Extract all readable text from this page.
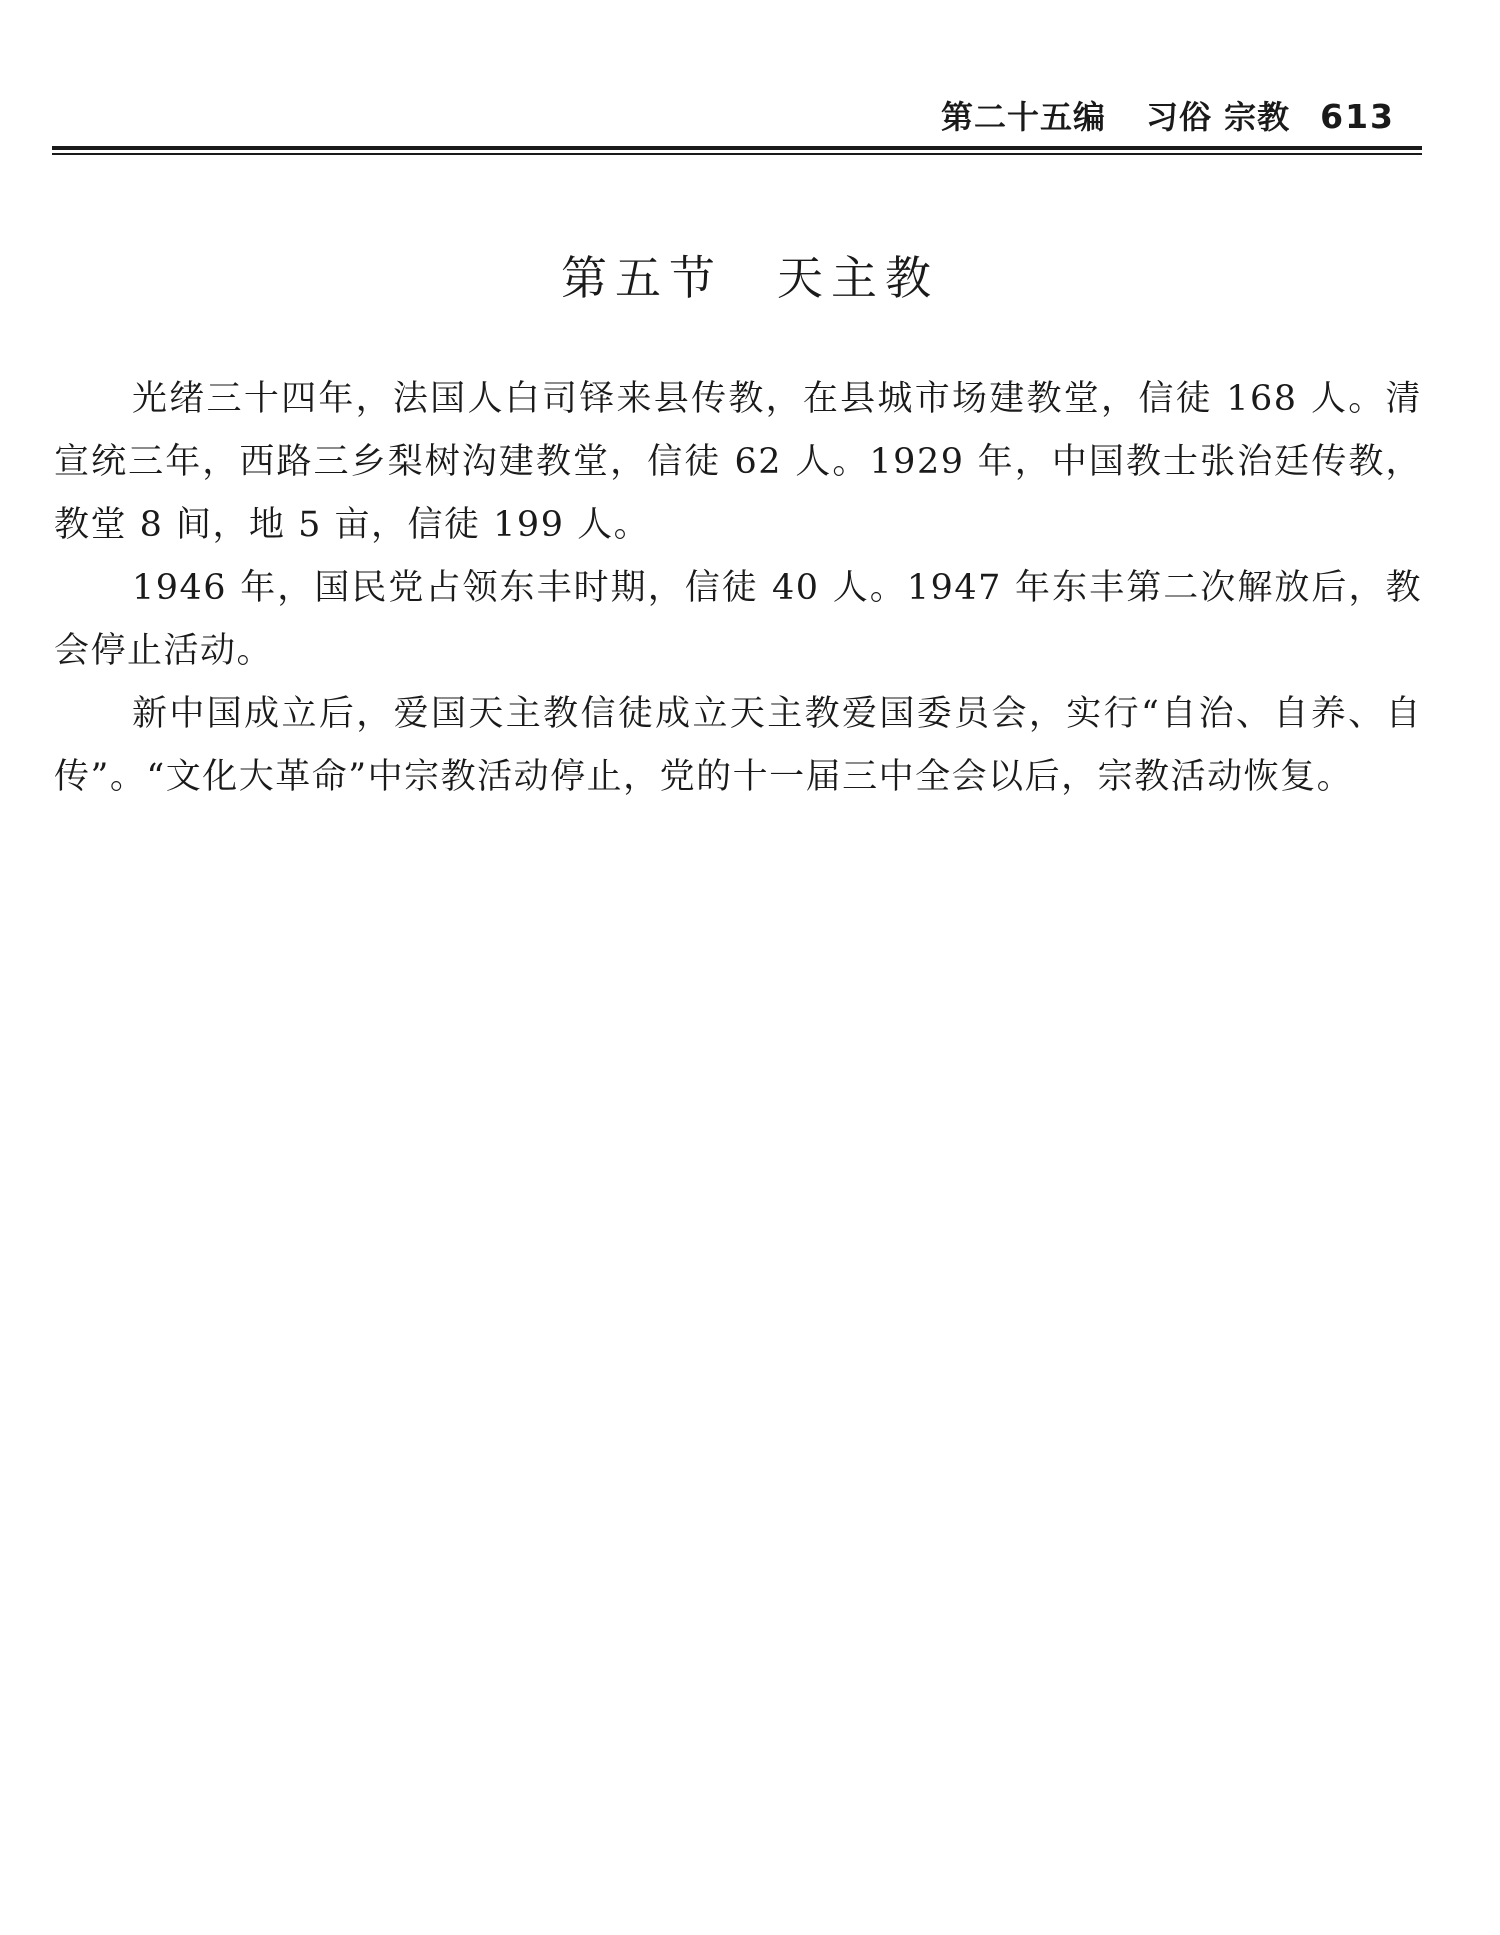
第二十五编 习俗 宗教 613
第五节　天主教

光绪三十四年，法国人白司铎来县传教，在县城市场建教堂，信徒 168 人。清宣统三年，西路三乡梨树沟建教堂，信徒 62 人。1929 年，中国教士张治廷传教，教堂 8 间，地 5 亩，信徒 199 人。

1946 年，国民党占领东丰时期，信徒 40 人。1947 年东丰第二次解放后，教会停止活动。

新中国成立后，爱国天主教信徒成立天主教爱国委员会，实行“自治、自养、自传”。“文化大革命”中宗教活动停止，党的十一届三中全会以后，宗教活动恢复。
